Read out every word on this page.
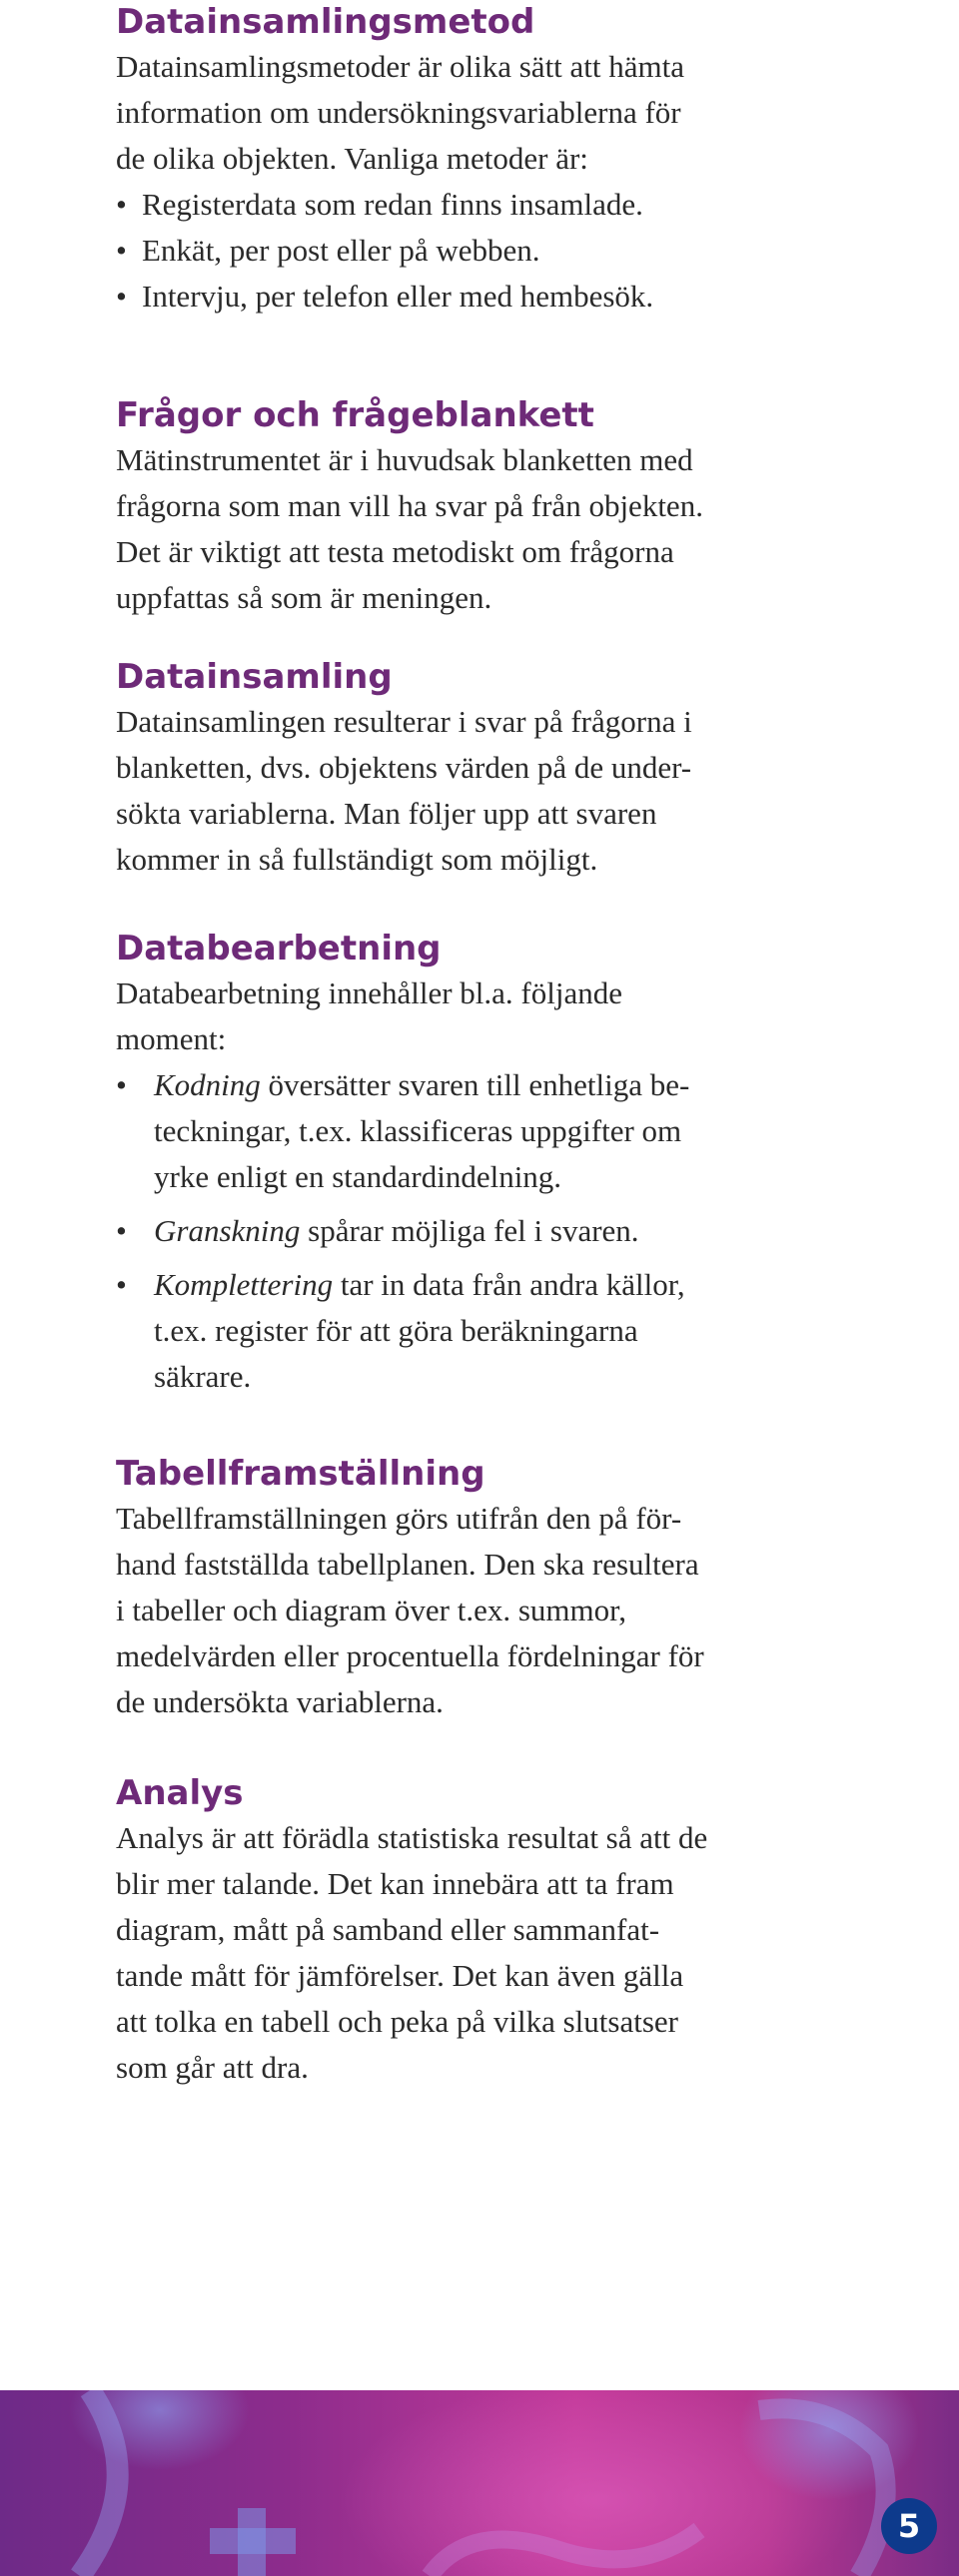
Datainsamlingsmetod

Datainsamlingsmetoder är olika sätt att hämta

information om undersökningsvariablerna för

de olika objekten. Vanliga metoder är:

• Registerdata som redan finns insamlade.
• Enkät, per post eller på webben.
• Intervju, per telefon eller med hembesök.
Frågor och frågeblankett

Mätinstrumentet är i huvudsak blanketten med

frågorna som man vill ha svar på från objekten.

Det är viktigt att testa metodiskt om frågorna

uppfattas så som är meningen.

Datainsamling

Datainsamlingen resulterar i svar på frågorna i

blanketten, dvs. objektens värden på de under-

sökta variablerna. Man följer upp att svaren

kommer in så fullständigt som möjligt.

Databearbetning

Databearbetning innehåller bl.a. följande

moment:

• Kodning översätter svaren till enhetliga be-
teckningar, t.ex. klassificeras uppgifter om
yrke enligt en standardindelning.
• Granskning spårar möjliga fel i svaren.
• Komplettering tar in data från andra källor,
t.ex. register för att göra beräkningarna
säkrare.
Tabellframställning

Tabellframställningen görs utifrån den på för-

hand fastställda tabellplanen. Den ska resultera

i tabeller och diagram över t.ex. summor,

medelvärden eller procentuella fördelningar för

de undersökta variablerna.

Analys

Analys är att förädla statistiska resultat så att de

blir mer talande. Det kan innebära att ta fram

diagram, mått på samband eller sammanfat-

tande mått för jämförelser. Det kan även gälla

att tolka en tabell och peka på vilka slutsatser

som går att dra.

5
